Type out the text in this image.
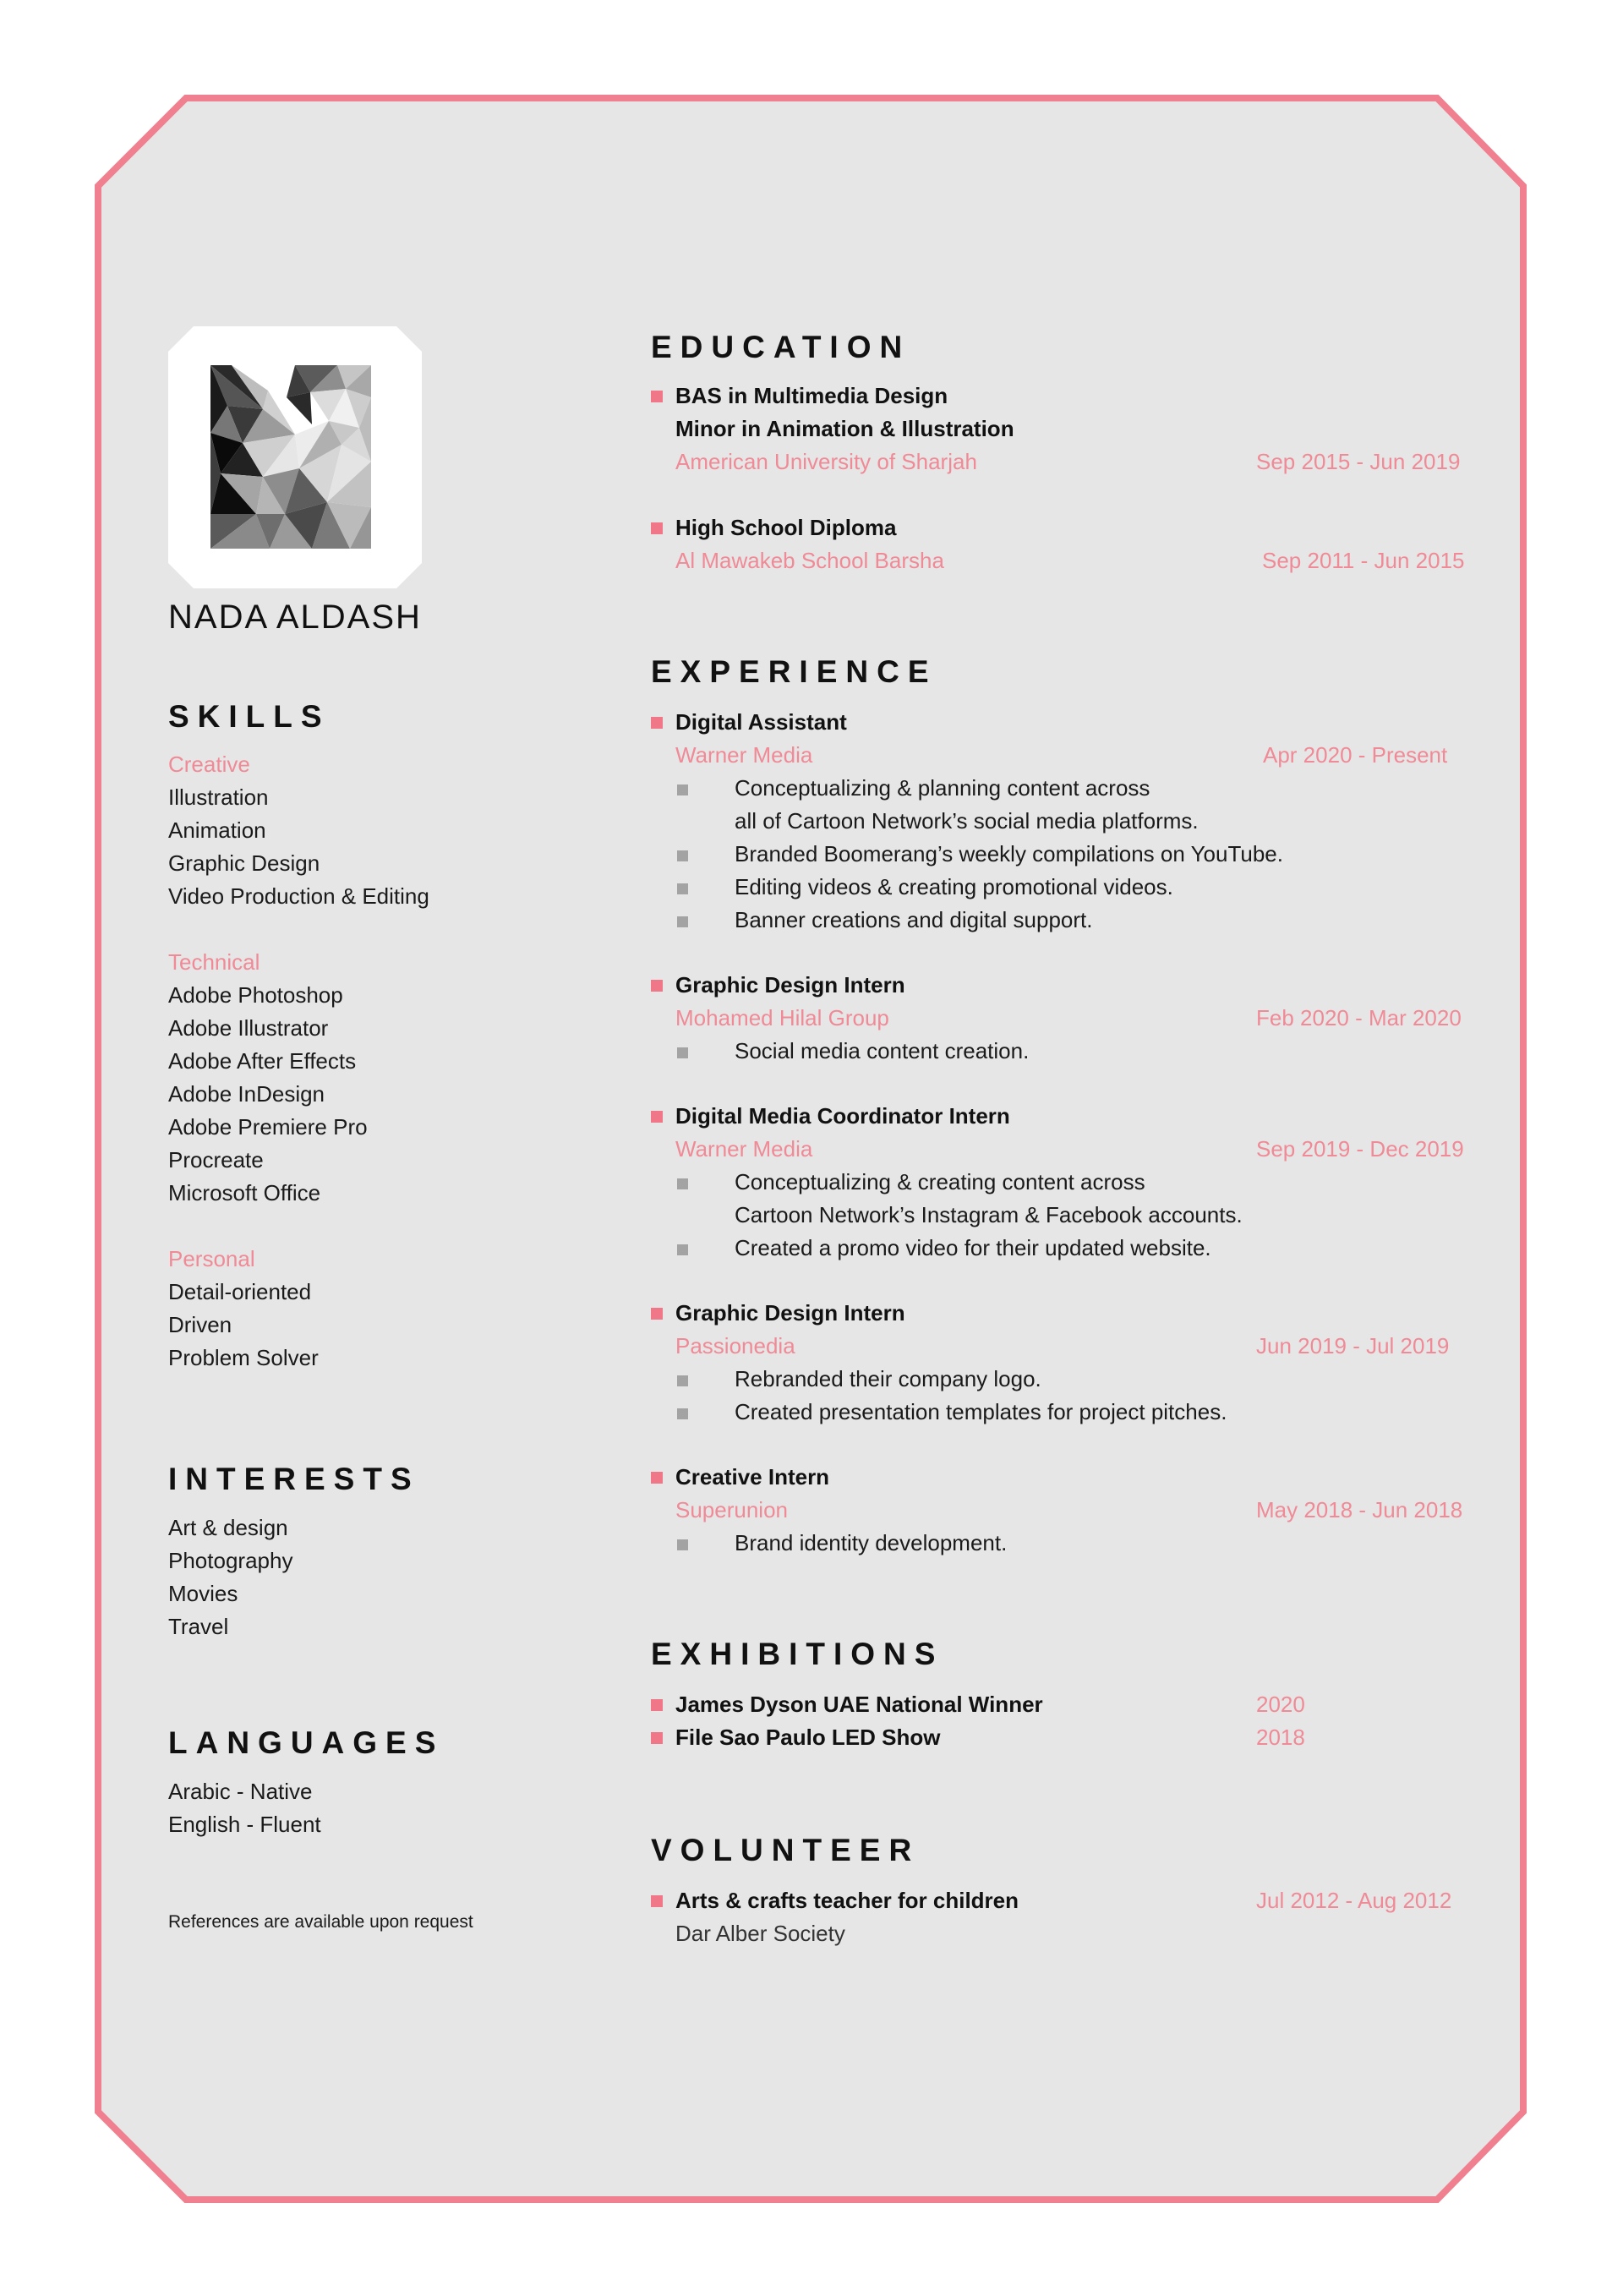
NADA ALDASH
SKILLS
Creative
Illustration
Animation
Graphic Design
Video Production & Editing
Technical
Adobe Photoshop
Adobe Illustrator
Adobe After Effects
Adobe InDesign
Adobe Premiere Pro
Procreate
Microsoft Office
Personal
Detail-oriented
Driven
Problem Solver
INTERESTS
Art & design
Photography
Movies
Travel
LANGUAGES
Arabic - Native
English - Fluent
References are available upon request
EDUCATION
BAS in Multimedia Design
Minor in Animation & Illustration
American University of Sharjah	Sep 2015 - Jun 2019
High School Diploma
Al Mawakeb School Barsha	Sep 2011 - Jun 2015
EXPERIENCE
Digital Assistant
Warner Media	Apr 2020 - Present
Conceptualizing & planning content across
all of Cartoon Network’s social media platforms.
Branded Boomerang’s weekly compilations on YouTube.
Editing videos & creating promotional videos.
Banner creations and digital support.
Graphic Design Intern
Mohamed Hilal Group	Feb 2020 - Mar 2020
Social media content creation.
Digital Media Coordinator Intern
Warner Media	Sep 2019 - Dec 2019
Conceptualizing & creating content across
Cartoon Network’s Instagram & Facebook accounts.
Created a promo video for their updated website.
Graphic Design Intern
Passionedia	Jun 2019 - Jul 2019
Rebranded their company logo.
Created presentation templates for project pitches.
Creative Intern
Superunion	May 2018 - Jun 2018
Brand identity development.
EXHIBITIONS
James Dyson UAE National Winner	2020
File Sao Paulo LED Show	2018
VOLUNTEER
Arts & crafts teacher for children	Jul 2012 - Aug 2012
Dar Alber Society
